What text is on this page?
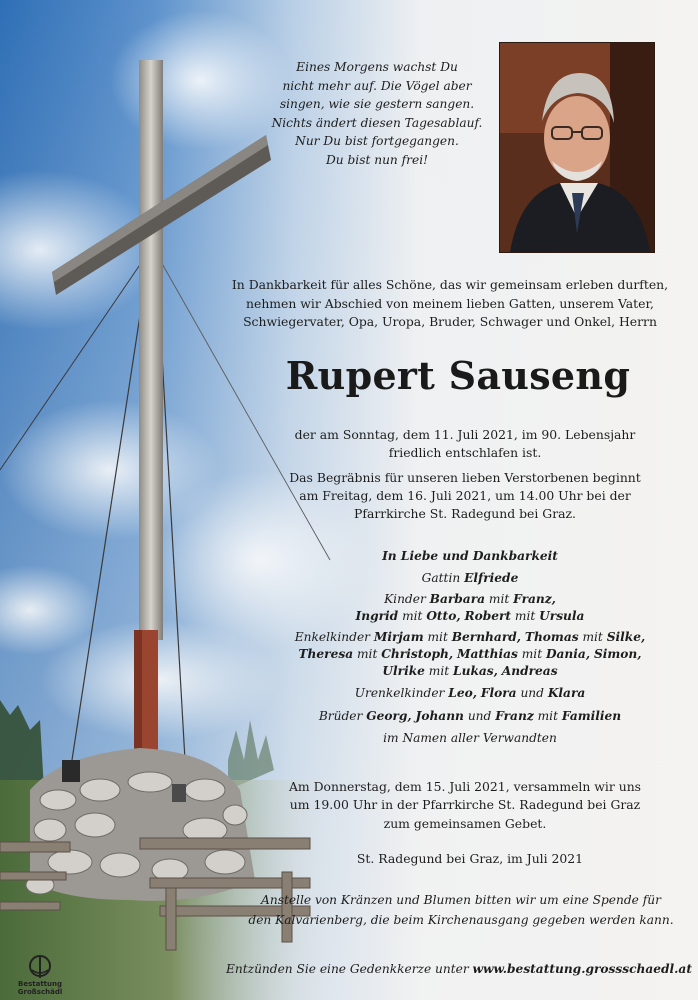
Eines Morgens wachst Du
nicht mehr auf. Die Vögel aber
singen, wie sie gestern sangen.
Nichts ändert diesen Tagesablauf.
Nur Du bist fortgegangen.
Du bist nun frei!
In Dankbarkeit für alles Schöne, das wir gemeinsam erleben durften,
nehmen wir Abschied von meinem lieben Gatten, unserem Vater,
Schwiegervater, Opa, Uropa, Bruder, Schwager und Onkel, Herrn
Rupert Sauseng
der am Sonntag, dem 11. Juli 2021, im 90. Lebensjahr
friedlich entschlafen ist.
Das Begräbnis für unseren lieben Verstorbenen beginnt
am Freitag, dem 16. Juli 2021, um 14.00 Uhr bei der
Pfarrkirche St. Radegund bei Graz.
In Liebe und Dankbarkeit
Gattin Elfriede
Kinder Barbara mit Franz,
Ingrid mit Otto, Robert mit Ursula
Enkelkinder Mirjam mit Bernhard, Thomas mit Silke,
Theresa mit Christoph, Matthias mit Dania, Simon,
Ulrike mit Lukas, Andreas
Urenkelkinder Leo, Flora und Klara
Brüder Georg, Johann und Franz mit Familien
im Namen aller Verwandten
Am Donnerstag, dem 15. Juli 2021, versammeln wir uns
um 19.00 Uhr in der Pfarrkirche St. Radegund bei Graz
zum gemeinsamen Gebet.
St. Radegund bei Graz, im Juli 2021
Anstelle von Kränzen und Blumen bitten wir um eine Spende für
den Kalvarienberg, die beim Kirchenausgang gegeben werden kann.
Entzünden Sie eine Gedenkkerze unter www.bestattung.grossschaedl.at
Bestattung
Großschädl
